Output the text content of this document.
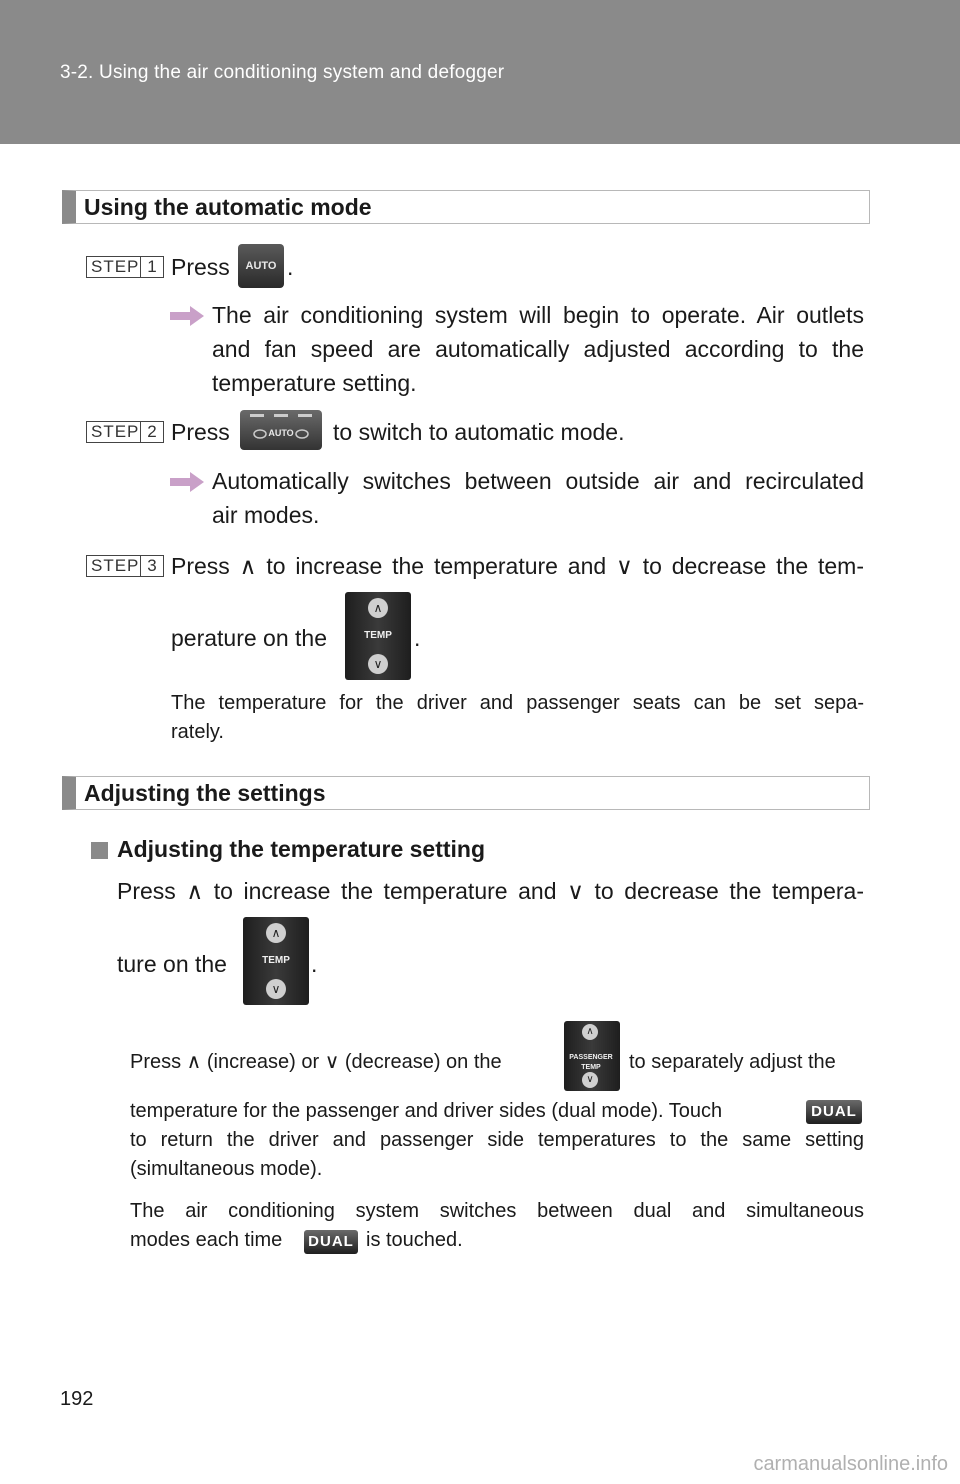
3-2. Using the air conditioning system and defogger
Using the automatic mode
STEP 1 Press	AUTO .
The air conditioning system will begin to operate. Air outlets
and fan speed are automatically adjusted according to the
temperature setting.
STEP 2 Press	AUTO	to switch to automatic mode.
Automatically switches between outside air and recirculated
air modes.
STEP 3 Press ∧ to increase the temperature and ∨ to decrease the tem-
perature on the
∧
TEMP
∨
.
The temperature for the driver and passenger seats can be set sepa-
rately.
Adjusting the settings
Adjusting the temperature setting
Press ∧ to increase the temperature and ∨ to decrease the tempera-
ture on the
∧
TEMP
∨
.
Press ∧ (increase) or ∨ (decrease) on the
∧
PASSENGER
TEMP
∨
to separately adjust the
temperature for the passenger and driver sides (dual mode). Touch	DUAL
to return the driver and passenger side temperatures to the same setting
(simultaneous mode).
The air conditioning system switches between dual and simultaneous
modes each time DUAL is touched.
192
carmanualsonline.info
